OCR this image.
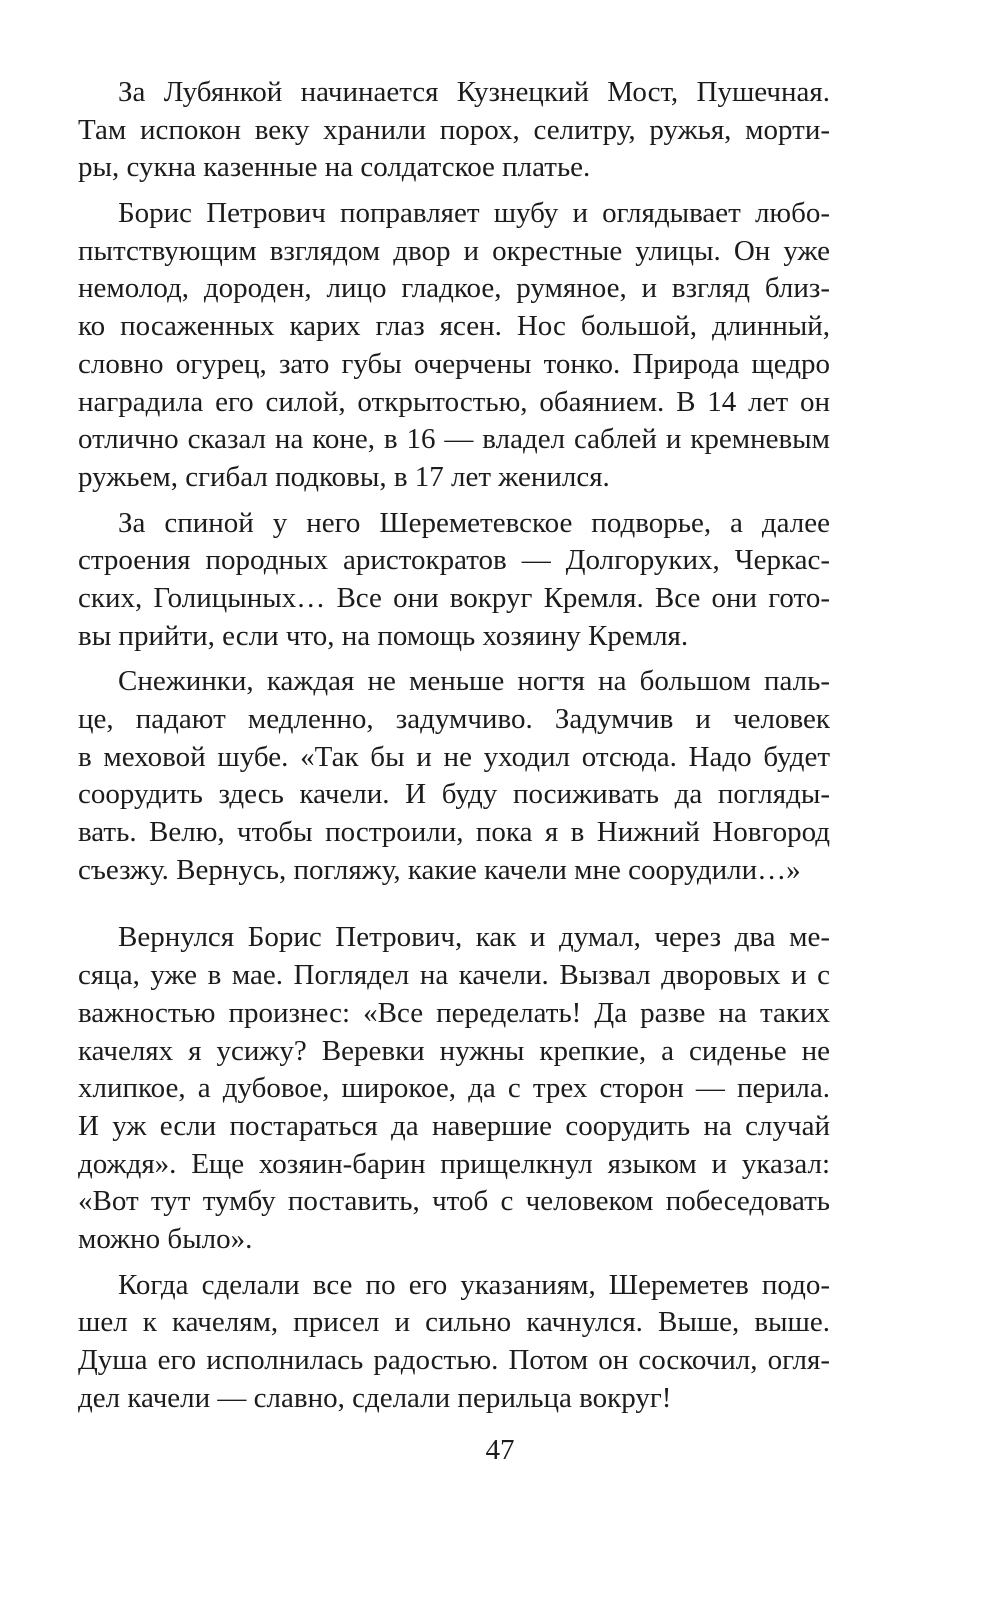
За Лубянкой начинается Кузнецкий Мост, Пушечная.
Там испокон веку хранили порох, селитру, ружья, морти-
ры, сукна казенные на солдатское платье.
Борис Петрович поправляет шубу и оглядывает любо-
пытствующим взглядом двор и окрестные улицы. Он уже
немолод, дороден, лицо гладкое, румяное, и взгляд близ-
ко посаженных карих глаз ясен. Нос большой, длинный,
словно огурец, зато губы очерчены тонко. Природа щедро
наградила его силой, открытостью, обаянием. В 14 лет он
отлично сказал на коне, в 16 — владел саблей и кремневым
ружьем, сгибал подковы, в 17 лет женился.
За спиной у него Шереметевское подворье, а далее
строения породных аристократов — Долгоруких, Черкас-
ских, Голицыных… Все они вокруг Кремля. Все они гото-
вы прийти, если что, на помощь хозяину Кремля.
Снежинки, каждая не меньше ногтя на большом паль-
це, падают медленно, задумчиво. Задумчив и человек
в меховой шубе. «Так бы и не уходил отсюда. Надо будет
соорудить здесь качели. И буду посиживать да погляды-
вать. Велю, чтобы построили, пока я в Нижний Новгород
съезжу. Вернусь, погляжу, какие качели мне соорудили…»
Вернулся Борис Петрович, как и думал, через два ме-
сяца, уже в мае. Поглядел на качели. Вызвал дворовых и с
важностью произнес: «Все переделать! Да разве на таких
качелях я усижу? Веревки нужны крепкие, а сиденье не
хлипкое, а дубовое, широкое, да с трех сторон — перила.
И уж если постараться да навершие соорудить на случай
дождя». Еще хозяин-барин прищелкнул языком и указал:
«Вот тут тумбу поставить, чтоб с человеком побеседовать
можно было».
Когда сделали все по его указаниям, Шереметев подо-
шел к качелям, присел и сильно качнулся. Выше, выше.
Душа его исполнилась радостью. Потом он соскочил, огля-
дел качели — славно, сделали перильца вокруг!
47
